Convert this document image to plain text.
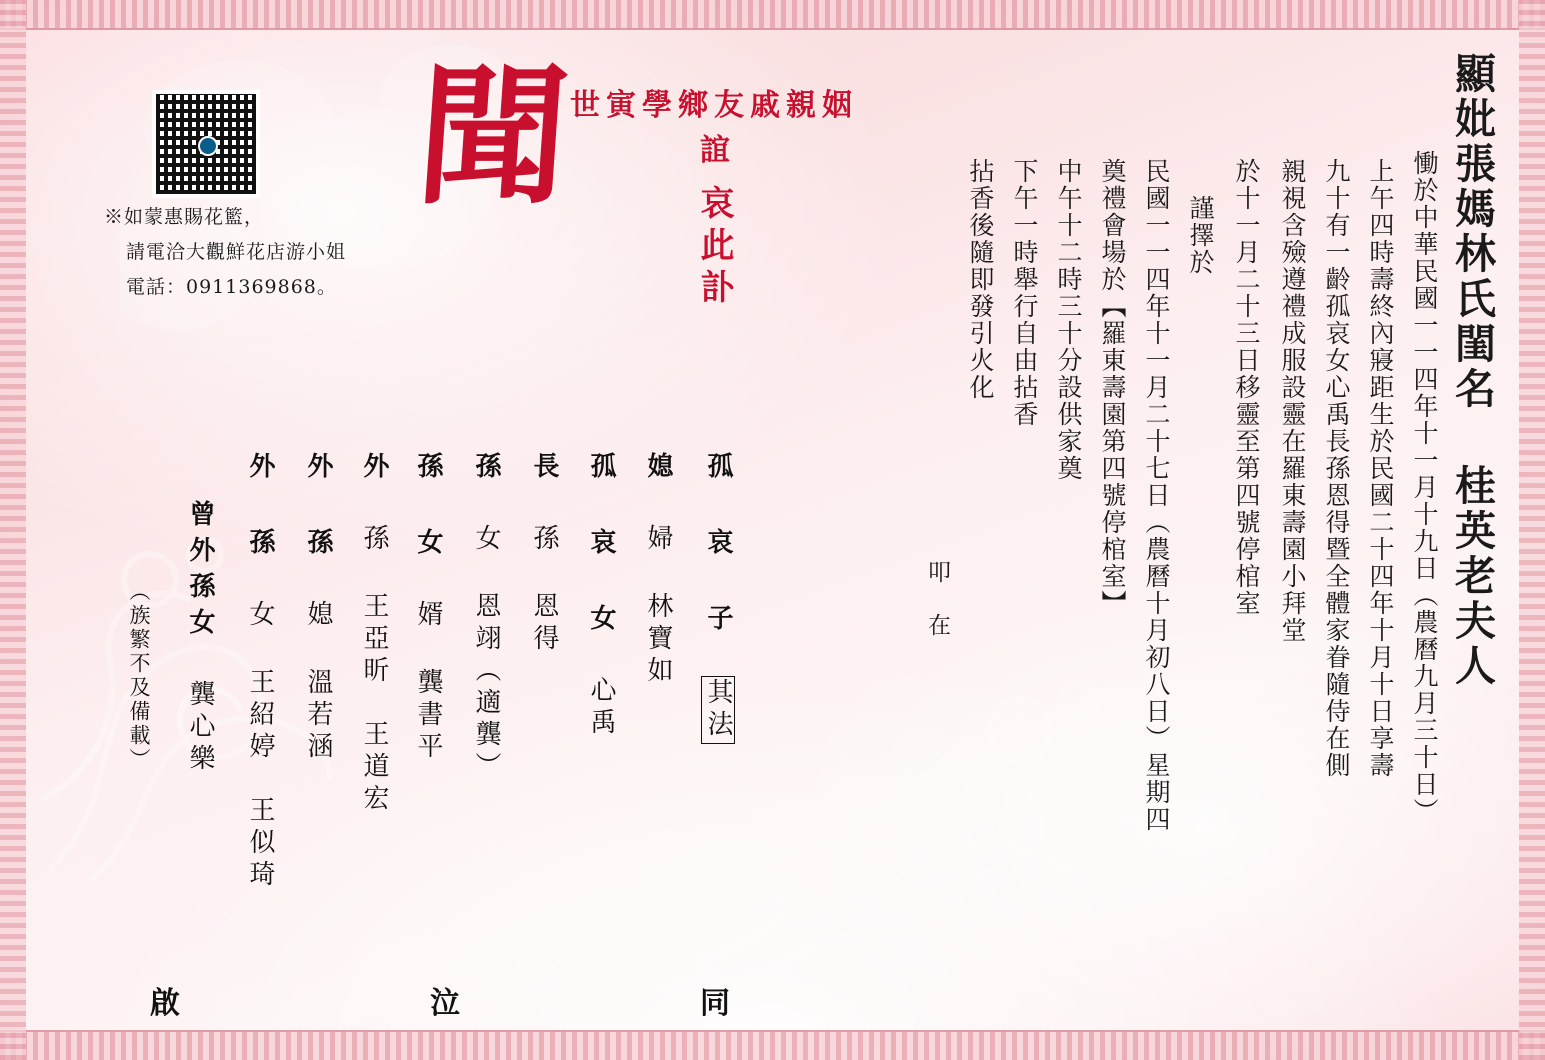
顯妣張媽林氏閨名 桂英老夫人
慟於中華民國一一四年十一月十九日（農曆九月三十日）
上午四時壽終內寢距生於民國二十四年十月十日享壽
九十有一齡孤哀女心禹長孫恩得暨全體家眷隨侍在側
親視含殮遵禮成服設靈在羅東壽園小拜堂
於十一月二十三日移靈至第四號停棺室
謹擇於
民國一一四年十一月二十七日（農曆十月初八日）星期四
奠禮會場於【羅東壽園第四號停棺室】
中午十二時三十分設供家奠
下午一時舉行自由拈香
拈香後隨即發引火化
叩 在
聞
世寅學鄉友戚親姻
誼
哀此訃
※如蒙惠賜花籃，
請電洽大觀鮮花店游小姐
電話：0911369868。
孤 哀 子 其法
媳 婦 林寶如
孤 哀 女 心禹
長 孫 恩得
孫 女 恩翊（適龔）
孫 女 婿 龔書平
外 孫 王亞昕　王道宏
外 孫 媳 溫若涵
外 孫 女 王紹婷　王似琦
曾外孫女 龔心樂
（族繁不及備載）
啟	泣	同
